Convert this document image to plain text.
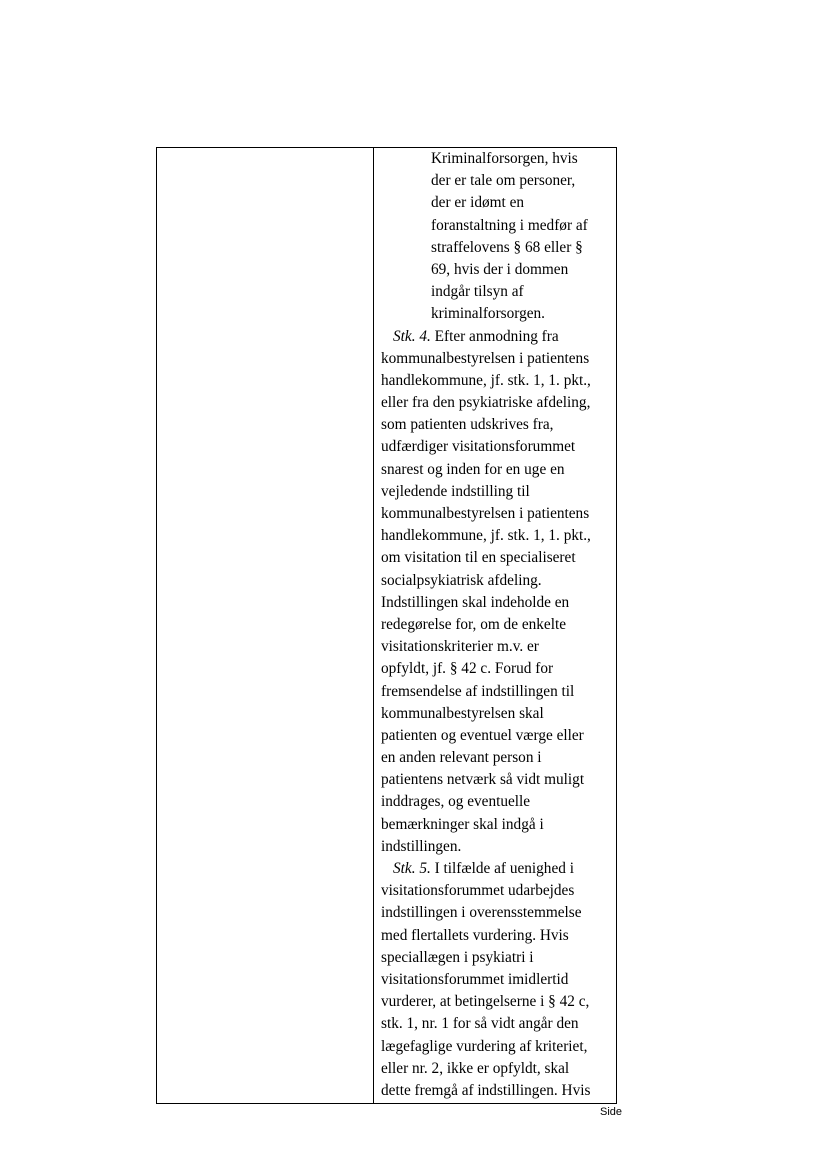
Kriminalforsorgen, hvis
der er tale om personer,
der er idømt en
foranstaltning i medfør af
straffelovens § 68 eller §
69, hvis der i dommen
indgår tilsyn af
kriminalforsorgen.
Stk. 4. Efter anmodning fra
kommunalbestyrelsen i patientens
handlekommune, jf. stk. 1, 1. pkt.,
eller fra den psykiatriske afdeling,
som patienten udskrives fra,
udfærdiger visitationsforummet
snarest og inden for en uge en
vejledende indstilling til
kommunalbestyrelsen i patientens
handlekommune, jf. stk. 1, 1. pkt.,
om visitation til en specialiseret
socialpsykiatrisk afdeling.
Indstillingen skal indeholde en
redegørelse for, om de enkelte
visitationskriterier m.v. er
opfyldt, jf. § 42 c. Forud for
fremsendelse af indstillingen til
kommunalbestyrelsen skal
patienten og eventuel værge eller
en anden relevant person i
patientens netværk så vidt muligt
inddrages, og eventuelle
bemærkninger skal indgå i
indstillingen.
Stk. 5. I tilfælde af uenighed i
visitationsforummet udarbejdes
indstillingen i overensstemmelse
med flertallets vurdering. Hvis
speciallægen i psykiatri i
visitationsforummet imidlertid
vurderer, at betingelserne i § 42 c,
stk. 1, nr. 1 for så vidt angår den
lægefaglige vurdering af kriteriet,
eller nr. 2, ikke er opfyldt, skal
dette fremgå af indstillingen. Hvis
Side
